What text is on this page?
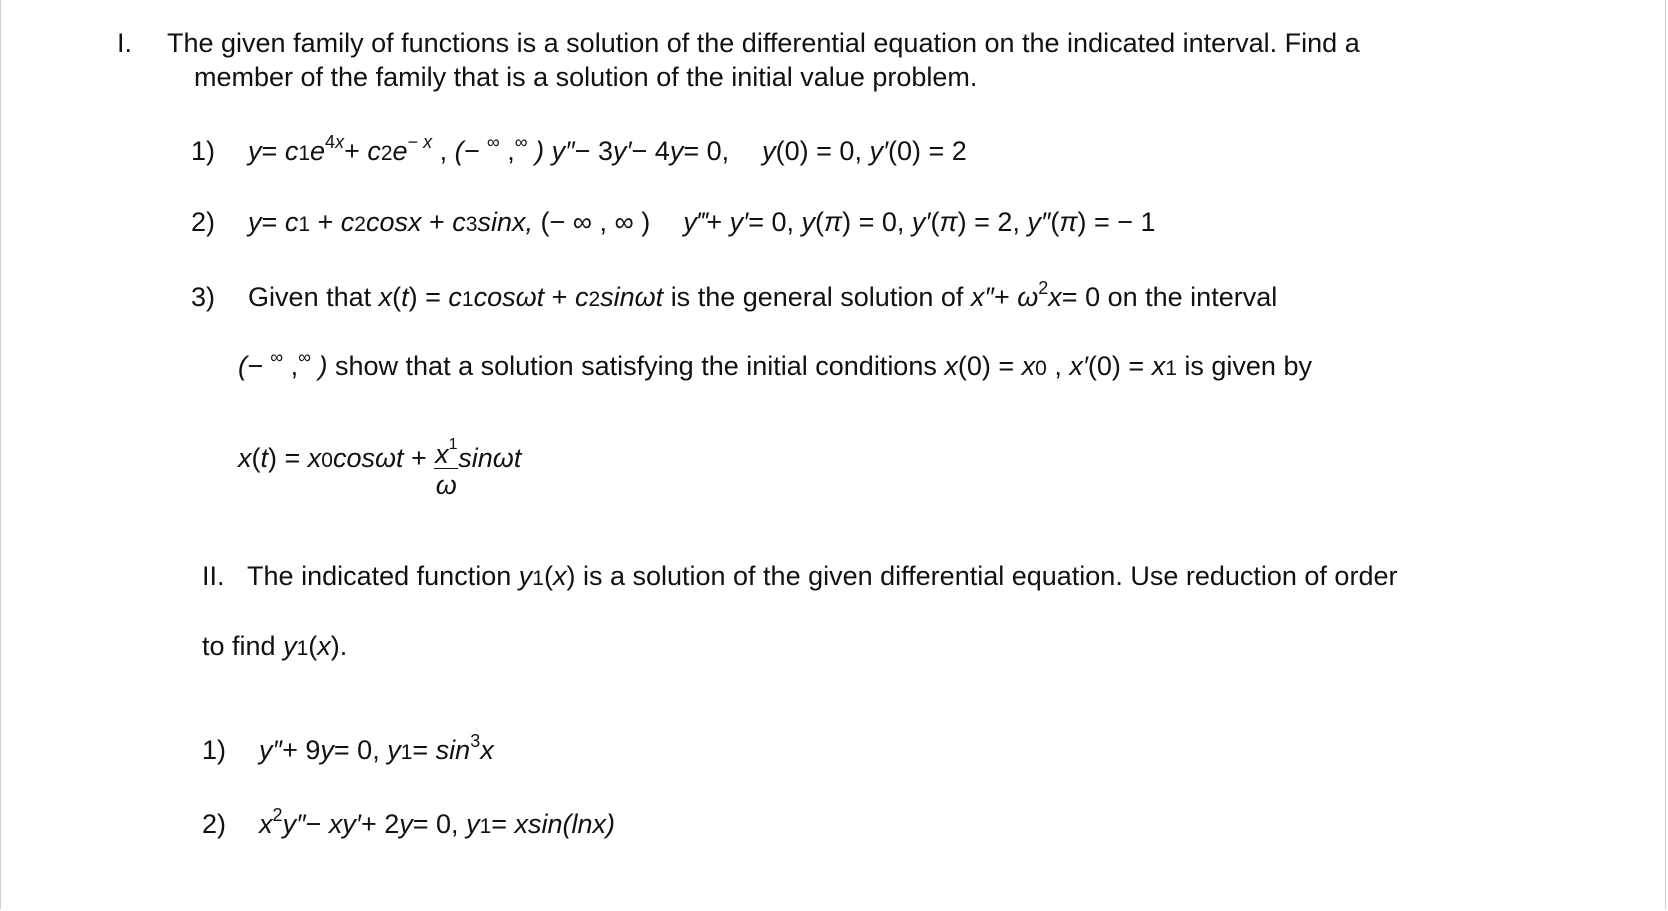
I. The given family of functions is a solution of the differential equation on the indicated interval. Find a
member of the family that is a solution of the initial value problem.
1) $y= c1e^{4x}+ c2e^{- x}$ , (− ∞ ,∞ ) y″− 3y′− 4y= 0, y(0) = 0, y′(0) = 2
2) y= c1 + c2cosx + c3sinx, (− ∞ , ∞ ) y‴+ y′= 0, y(π) = 0, y′(π) = 2, y″(π) = − 1
3) Given that x(t) = c1cosωt + c2sinωt is the general solution of $x''+ \omega^2x= 0$ on the interval
(− ∞ ,∞ ) show that a solution satisfying the initial conditions x(0) = x0 , x′(0) = x1 is given by
$x(t) = x0\cos\omega t + \frac{x^1}{\omega}$ sinωt
II. The indicated function y1(x) is a solution of the given differential equation. Use reduction of order
to find y1(x).
1) y″+ 9y= 0, $y1= \sin^3x$
2) $x^2y''- xy'+ 2y= 0$, y1= xsin(lnx)
